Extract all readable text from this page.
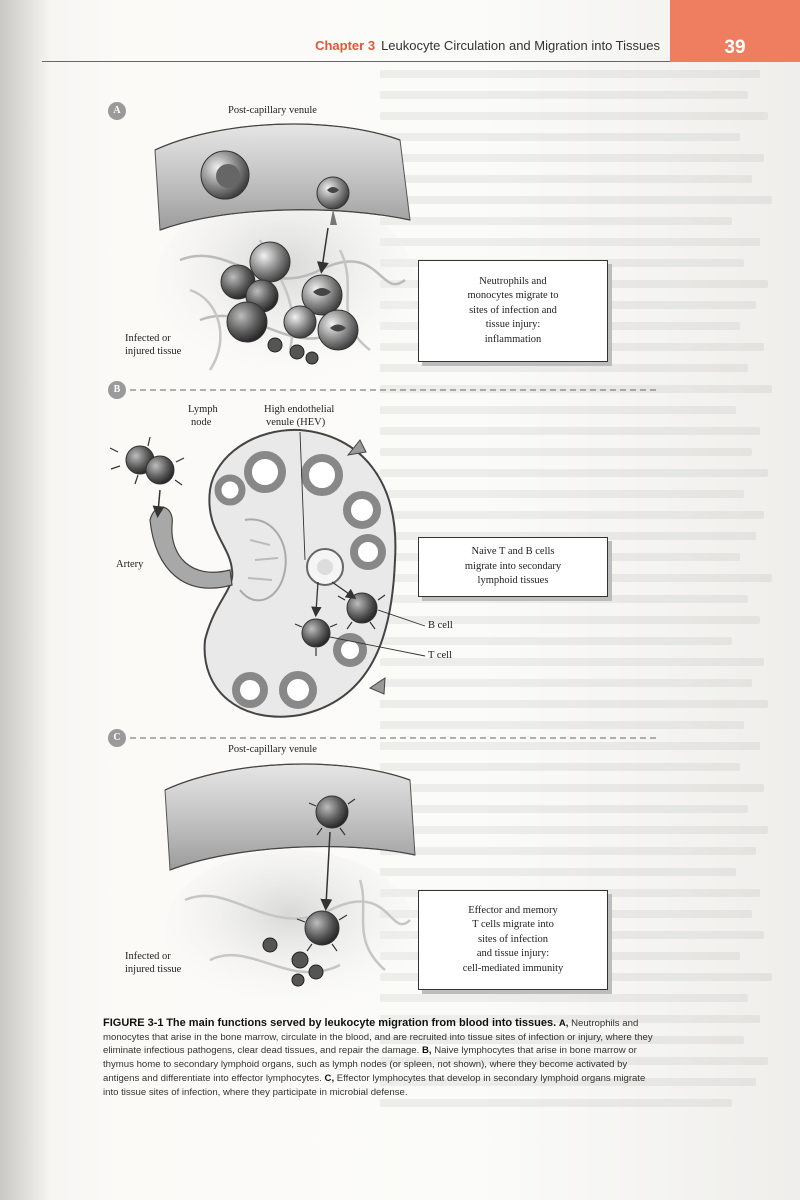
Chapter 3 Leukocyte Circulation and Migration into Tissues	39
A
B
C
Post-capillary venule
Infected or
injured tissue
Neutrophils and
monocytes migrate to
sites of infection and
tissue injury:
inflammation
Lymph
node
High endothelial
venule (HEV)
Artery
B cell
T cell
Naive T and B cells
migrate into secondary
lymphoid tissues
Post-capillary venule
Infected or
injured tissue
Effector and memory
T cells migrate into
sites of infection
and tissue injury:
cell-mediated immunity
FIGURE 3-1 The main functions served by leukocyte migration from blood into tissues. A, Neutrophils and monocytes that arise in the bone marrow, circulate in the blood, and are recruited into tissue sites of infection or injury, where they eliminate infectious pathogens, clear dead tissues, and repair the damage. B, Naive lymphocytes that arise in bone marrow or thymus home to secondary lymphoid organs, such as lymph nodes (or spleen, not shown), where they become activated by antigens and differentiate into effector lymphocytes. C, Effector lymphocytes that develop in secondary lymphoid organs migrate into tissue sites of infection, where they participate in microbial defense.
